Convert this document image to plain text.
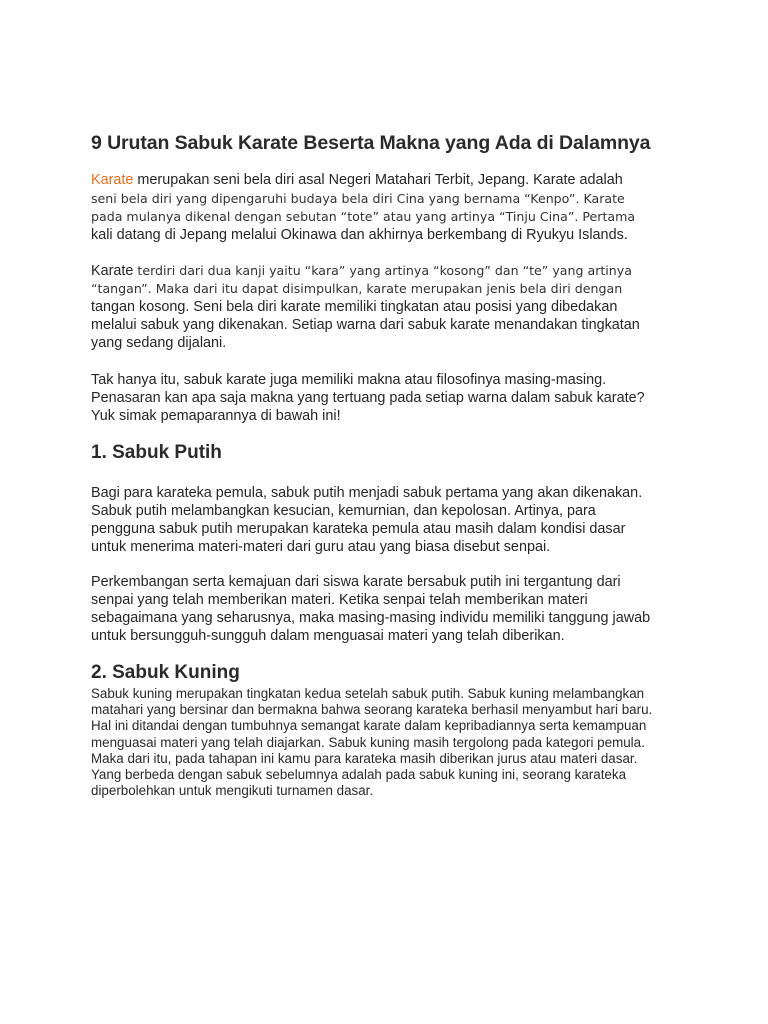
9 Urutan Sabuk Karate Beserta Makna yang Ada di Dalamnya

Karate merupakan seni bela diri asal Negeri Matahari Terbit, Jepang. Karate adalah
seni bela diri yang dipengaruhi budaya bela diri Cina yang bernama “Kenpo”. Karate
pada mulanya dikenal dengan sebutan “tote” atau yang artinya “Tinju Cina”. Pertama
kali datang di Jepang melalui Okinawa dan akhirnya berkembang di Ryukyu Islands.

Karate terdiri dari dua kanji yaitu “kara” yang artinya “kosong” dan “te” yang artinya
“tangan”. Maka dari itu dapat disimpulkan, karate merupakan jenis bela diri dengan
tangan kosong. Seni bela diri karate memiliki tingkatan atau posisi yang dibedakan
melalui sabuk yang dikenakan. Setiap warna dari sabuk karate menandakan tingkatan
yang sedang dijalani.

Tak hanya itu, sabuk karate juga memiliki makna atau filosofinya masing-masing.
Penasaran kan apa saja makna yang tertuang pada setiap warna dalam sabuk karate?
Yuk simak pemaparannya di bawah ini!

1. Sabuk Putih

Bagi para karateka pemula, sabuk putih menjadi sabuk pertama yang akan dikenakan.
Sabuk putih melambangkan kesucian, kemurnian, dan kepolosan. Artinya, para
pengguna sabuk putih merupakan karateka pemula atau masih dalam kondisi dasar
untuk menerima materi-materi dari guru atau yang biasa disebut senpai.

Perkembangan serta kemajuan dari siswa karate bersabuk putih ini tergantung dari
senpai yang telah memberikan materi. Ketika senpai telah memberikan materi
sebagaimana yang seharusnya, maka masing-masing individu memiliki tanggung jawab
untuk bersungguh-sungguh dalam menguasai materi yang telah diberikan.

2. Sabuk Kuning

Sabuk kuning merupakan tingkatan kedua setelah sabuk putih. Sabuk kuning melambangkan
matahari yang bersinar dan bermakna bahwa seorang karateka berhasil menyambut hari baru.
Hal ini ditandai dengan tumbuhnya semangat karate dalam kepribadiannya serta kemampuan
menguasai materi yang telah diajarkan. Sabuk kuning masih tergolong pada kategori pemula.
Maka dari itu, pada tahapan ini kamu para karateka masih diberikan jurus atau materi dasar.
Yang berbeda dengan sabuk sebelumnya adalah pada sabuk kuning ini, seorang karateka
diperbolehkan untuk mengikuti turnamen dasar.
